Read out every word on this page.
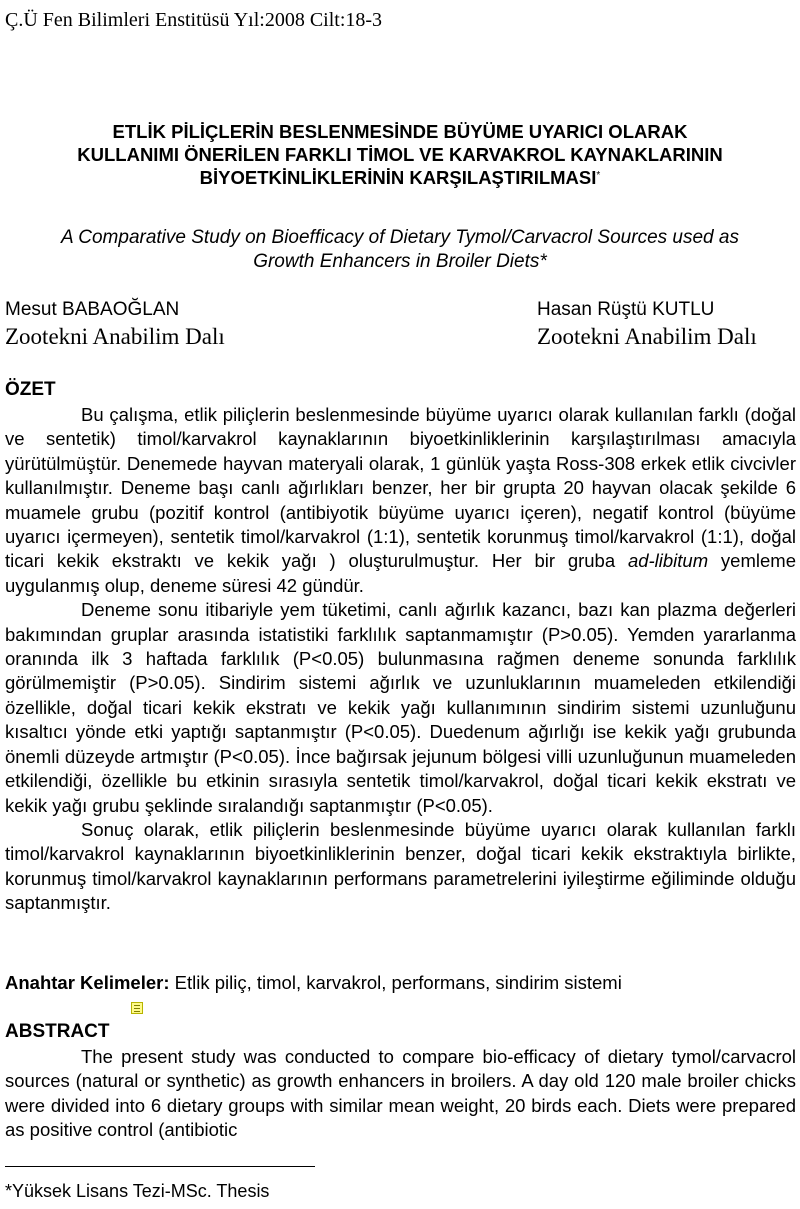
Ç.Ü Fen Bilimleri Enstitüsü Yıl:2008 Cilt:18-3
ETLİK PİLİÇLERİN BESLENMESİNDE BÜYÜME UYARICI OLARAK
KULLANIMI ÖNERİLEN FARKLI TİMOL VE KARVAKROL KAYNAKLARININ
BİYOETKİNLİKLERİNİN KARŞILAŞTIRILMASI*
A Comparative Study on Bioefficacy of Dietary Tymol/Carvacrol Sources used as
Growth Enhancers in Broiler Diets*
Mesut BABAOĞLAN
Zootekni Anabilim Dalı
Hasan Rüştü KUTLU
Zootekni Anabilim Dalı
ÖZET

Bu çalışma, etlik piliçlerin beslenmesinde büyüme uyarıcı olarak kullanılan farklı (doğal ve sentetik) timol/karvakrol kaynaklarının biyoetkinliklerinin karşılaştırılması amacıyla yürütülmüştür. Denemede hayvan materyali olarak, 1 günlük yaşta Ross-308 erkek etlik civcivler kullanılmıştır. Deneme başı canlı ağırlıkları benzer, her bir grupta 20 hayvan olacak şekilde 6 muamele grubu (pozitif kontrol (antibiyotik büyüme uyarıcı içeren), negatif kontrol (büyüme uyarıcı içermeyen), sentetik timol/karvakrol (1:1), sentetik korunmuş timol/karvakrol (1:1), doğal ticari kekik ekstraktı ve kekik yağı ) oluşturulmuştur. Her bir gruba ad-libitum yemleme uygulanmış olup, deneme süresi 42 gündür.

Deneme sonu itibariyle yem tüketimi, canlı ağırlık kazancı, bazı kan plazma değerleri bakımından gruplar arasında istatistiki farklılık saptanmamıştır (P>0.05). Yemden yararlanma oranında ilk 3 haftada farklılık (P<0.05) bulunmasına rağmen deneme sonunda farklılık görülmemiştir (P>0.05). Sindirim sistemi ağırlık ve uzunluklarının muameleden etkilendiği özellikle, doğal ticari kekik ekstratı ve kekik yağı kullanımının sindirim sistemi uzunluğunu kısaltıcı yönde etki yaptığı saptanmıştır (P<0.05). Duedenum ağırlığı ise kekik yağı grubunda önemli düzeyde artmıştır (P<0.05). İnce bağırsak jejunum bölgesi villi uzunluğunun muameleden etkilendiği, özellikle bu etkinin sırasıyla sentetik timol/karvakrol, doğal ticari kekik ekstratı ve kekik yağı grubu şeklinde sıralandığı saptanmıştır (P<0.05).

Sonuç olarak, etlik piliçlerin beslenmesinde büyüme uyarıcı olarak kullanılan farklı timol/karvakrol kaynaklarının biyoetkinliklerinin benzer, doğal ticari kekik ekstraktıyla birlikte, korunmuş timol/karvakrol kaynaklarının performans parametrelerini iyileştirme eğiliminde olduğu saptanmıştır.

Anahtar Kelimeler: Etlik piliç, timol, karvakrol, performans, sindirim sistemi
ABSTRACT

The present study was conducted to compare bio-efficacy of dietary tymol/carvacrol sources (natural or synthetic) as growth enhancers in broilers. A day old 120 male broiler chicks were divided into 6 dietary groups with similar mean weight, 20 birds each. Diets were prepared as positive control (antibiotic

*Yüksek Lisans Tezi-MSc. Thesis
